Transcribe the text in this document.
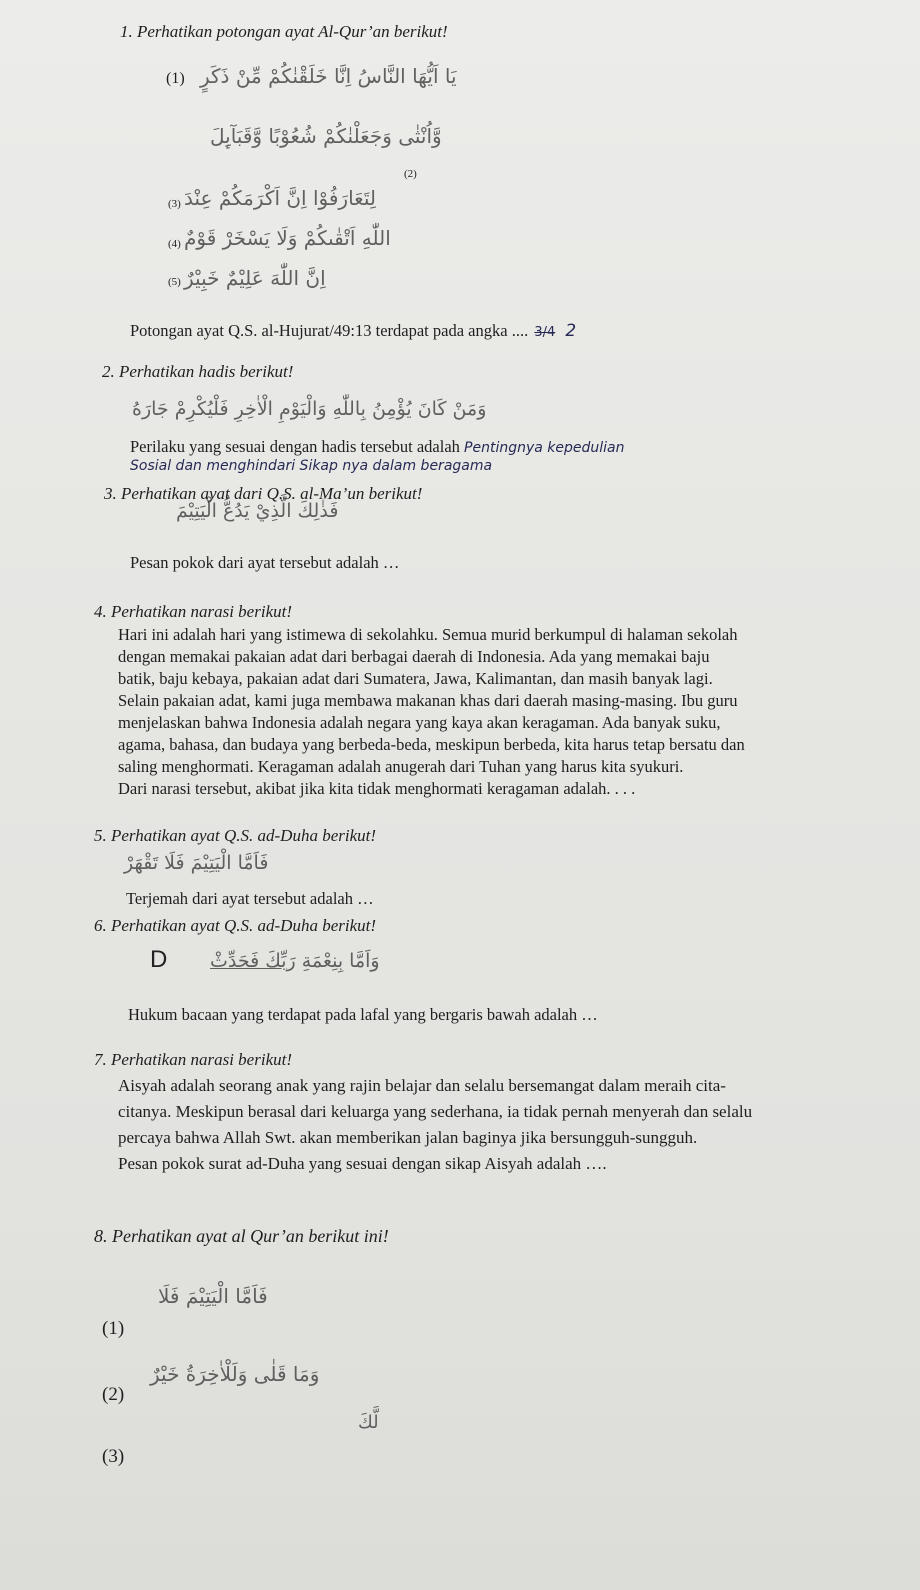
1. Perhatikan potongan ayat Al-Qur’an berikut!
(1) ﻳَﺎ ﺍَﻳُّﻬَﺎ ﺍﻟﻨَّﺎﺱُ ﺍِﻧَّﺎ ﺧَﻠَﻘْﻨٰﻜُﻢْ ﻣِّﻦْ ﺫَﻛَﺮٍ
ﻭَّﺍُﻧْﺜٰﻰ ﻭَﺟَﻌَﻠْﻨٰﻜُﻢْ ﺷُﻌُﻮْﺑًﺎ ﻭَّﻗَﺒَﺎٓﯨِٕﻞَ
(2)
(3) ﻟِﺘَﻌَﺎﺭَﻓُﻮْﺍ ﺍِﻥَّ ﺍَﻛْﺮَﻣَﻜُﻢْ ﻋِﻨْﺪَ
(4) ﺍﻟﻠّٰﻪِ ﺍَﺗْﻘٰﯩﻜُﻢْ ﻭَﻟَﺎ ﻳَﺴْﺨَﺮْ ﻗَﻮْﻡٌ
(5) ﺍِﻥَّ ﺍﻟﻠّٰﻪَ ﻋَﻠِﻴْﻢٌ ﺧَﺒِﻴْﺮٌ
Potongan ayat Q.S. al-Hujurat/49:13 terdapat pada angka .... 3/4 2
2. Perhatikan hadis berikut!
ﻭَﻣَﻦْ ﻛَﺎﻥَ ﻳُﺆْﻣِﻦُ ﺑِﺎﻟﻠّٰﻪِ ﻭَﺍﻟْﻴَﻮْﻡِ ﺍﻟْﺎٰﺧِﺮِ ﻓَﻠْﻴُﻜْﺮِﻡْ ﺟَﺎﺭَﻩُ
Perilaku yang sesuai dengan hadis tersebut adalah Pentingnya kepedulian
Sosial dan menghindari Sikap nya dalam beragama
3. Perhatikan ayat dari Q.S. al-Ma’un berikut!
ﻓَﺬٰﻟِﻚَ ﺍﻟَّﺬِﻱْ ﻳَﺪُﻉُّ ﺍﻟْﻴَﺘِﻴْﻢَ
Pesan pokok dari ayat tersebut adalah …
4. Perhatikan narasi berikut!
Hari ini adalah hari yang istimewa di sekolahku. Semua murid berkumpul di halaman sekolah
dengan memakai pakaian adat dari berbagai daerah di Indonesia. Ada yang memakai baju
batik, baju kebaya, pakaian adat dari Sumatera, Jawa, Kalimantan, dan masih banyak lagi.
Selain pakaian adat, kami juga membawa makanan khas dari daerah masing-masing. Ibu guru
menjelaskan bahwa Indonesia adalah negara yang kaya akan keragaman. Ada banyak suku,
agama, bahasa, dan budaya yang berbeda-beda, meskipun berbeda, kita harus tetap bersatu dan
saling menghormati. Keragaman adalah anugerah dari Tuhan yang harus kita syukuri.
Dari narasi tersebut, akibat jika kita tidak menghormati keragaman adalah. . . .
5. Perhatikan ayat Q.S. ad-Duha berikut!
ﻓَﺎَﻣَّﺎ ﺍﻟْﻴَﺘِﻴْﻢَ ﻓَﻠَﺎ ﺗَﻘْﻬَﺮْ
Terjemah dari ayat tersebut adalah …
6. Perhatikan ayat Q.S. ad-Duha berikut!
D	ﻭَﺍَﻣَّﺎ ﺑِﻨِﻌْﻤَﺔِ ﺭَﺑِّﻚَ ﻓَﺤَﺪِّﺙْ
Hukum bacaan yang terdapat pada lafal yang bergaris bawah adalah …
7. Perhatikan narasi berikut!
Aisyah adalah seorang anak yang rajin belajar dan selalu bersemangat dalam meraih cita-
citanya. Meskipun berasal dari keluarga yang sederhana, ia tidak pernah menyerah dan selalu
percaya bahwa Allah Swt. akan memberikan jalan baginya jika bersungguh-sungguh.
Pesan pokok surat ad-Duha yang sesuai dengan sikap Aisyah adalah ….
8. Perhatikan ayat al Qur’an berikut ini!
ﻓَﺎَﻣَّﺎ ﺍﻟْﻴَﺘِﻴْﻢَ ﻓَﻠَﺎ
(1)
ﻭَﻣَﺎ ﻗَﻠٰﻰ ﻭَﻟَﻠْﺎٰﺧِﺮَﺓُ ﺧَﻴْﺮٌ
(2)
ﻟَّﻚَ
(3)
